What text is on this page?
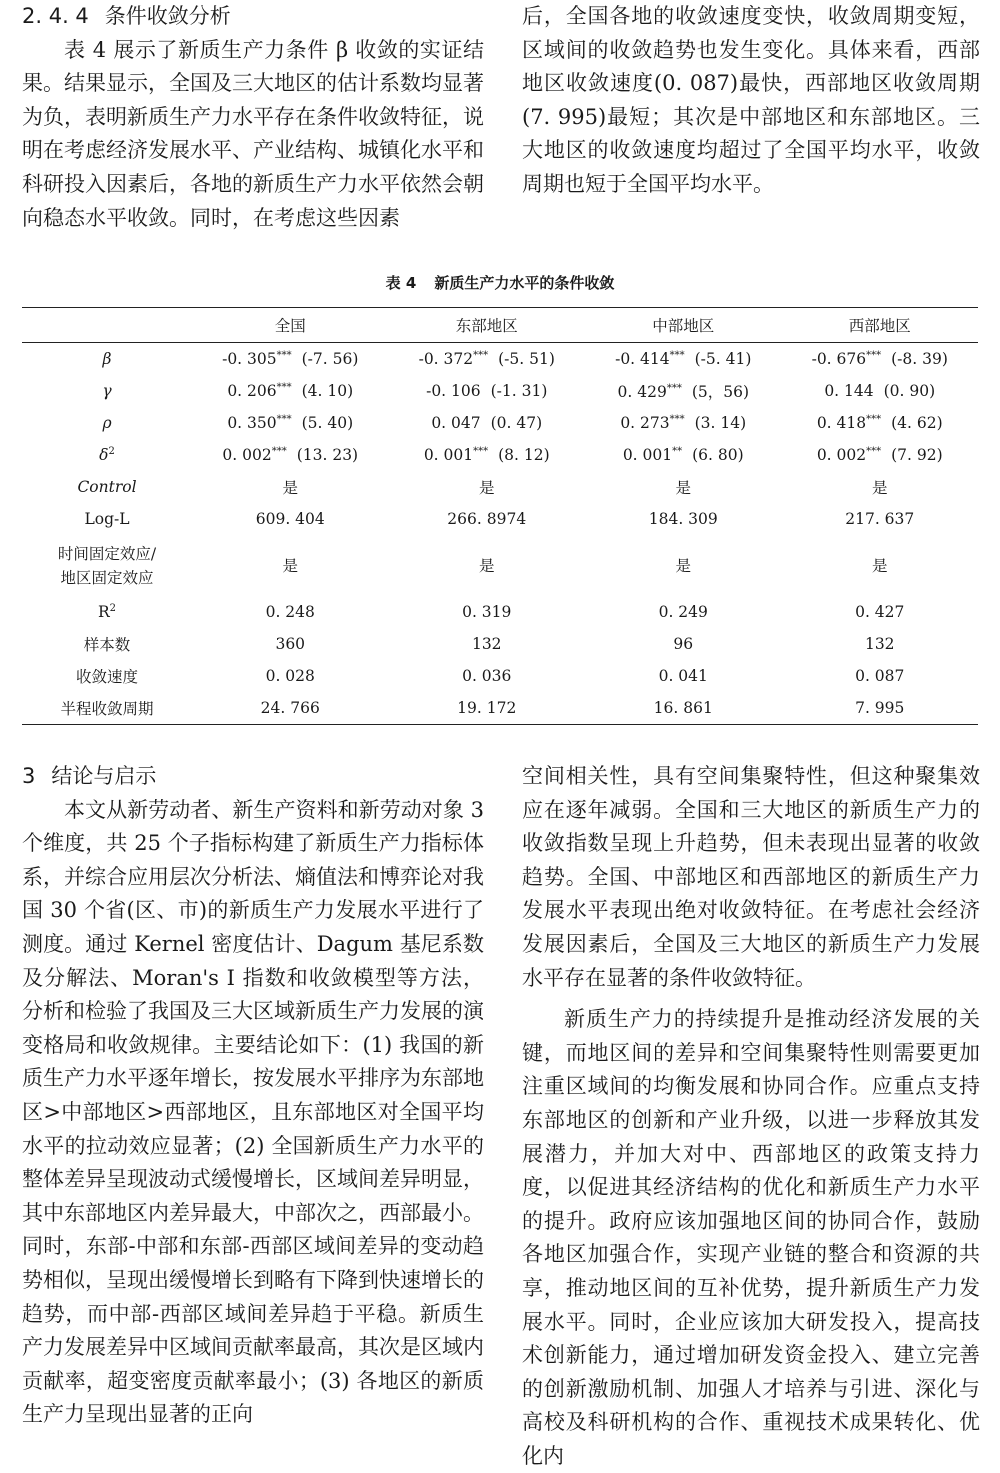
2. 4. 4 条件收敛分析

表 4 展示了新质生产力条件 β 收敛的实证结果。结果显示，全国及三大地区的估计系数均显著为负，表明新质生产力水平存在条件收敛特征，说明在考虑经济发展水平、产业结构、城镇化水平和科研投入因素后，各地的新质生产力水平依然会朝向稳态水平收敛。同时，在考虑这些因素

后，全国各地的收敛速度变快，收敛周期变短，区域间的收敛趋势也发生变化。具体来看，西部地区收敛速度(0. 087)最快，西部地区收敛周期(7. 995)最短；其次是中部地区和东部地区。三大地区的收敛速度均超过了全国平均水平，收敛周期也短于全国平均水平。

表 4 新质生产力水平的条件收敛
	全国	东部地区	中部地区	西部地区
β	-0. 305*** (-7. 56)	-0. 372*** (-5. 51)	-0. 414*** (-5. 41)	-0. 676*** (-8. 39)
γ	0. 206*** (4. 10)	-0. 106 (-1. 31)	0. 429*** (5，56)	0. 144 (0. 90)
ρ	0. 350*** (5. 40)	0. 047 (0. 47)	0. 273*** (3. 14)	0. 418*** (4. 62)
$\delta^2$	0. 002*** (13. 23)	0. 001*** (8. 12)	0. 001** (6. 80)	0. 002*** (7. 92)
Control	是	是	是	是
Log-L	609. 404	266. 8974	184. 309	217. 637
时间固定效应/
地区固定效应	是	是	是	是
$R^2$	0. 248	0. 319	0. 249	0. 427
样本数	360	132	96	132
收敛速度	0. 028	0. 036	0. 041	0. 087
半程收敛周期	24. 766	19. 172	16. 861	7. 995
3 结论与启示

本文从新劳动者、新生产资料和新劳动对象 3 个维度，共 25 个子指标构建了新质生产力指标体系，并综合应用层次分析法、熵值法和博弈论对我国 30 个省(区、市)的新质生产力发展水平进行了测度。通过 Kernel 密度估计、Dagum 基尼系数及分解法、Moran's I 指数和收敛模型等方法，分析和检验了我国及三大区域新质生产力发展的演变格局和收敛规律。主要结论如下：(1) 我国的新质生产力水平逐年增长，按发展水平排序为东部地区>中部地区>西部地区，且东部地区对全国平均水平的拉动效应显著；(2) 全国新质生产力水平的整体差异呈现波动式缓慢增长，区域间差异明显，其中东部地区内差异最大，中部次之，西部最小。同时，东部-中部和东部-西部区域间差异的变动趋势相似，呈现出缓慢增长到略有下降到快速增长的趋势，而中部-西部区域间差异趋于平稳。新质生产力发展差异中区域间贡献率最高，其次是区域内贡献率，超变密度贡献率最小；(3) 各地区的新质生产力呈现出显著的正向

空间相关性，具有空间集聚特性，但这种聚集效应在逐年减弱。全国和三大地区的新质生产力的收敛指数呈现上升趋势，但未表现出显著的收敛趋势。全国、中部地区和西部地区的新质生产力发展水平表现出绝对收敛特征。在考虑社会经济发展因素后，全国及三大地区的新质生产力发展水平存在显著的条件收敛特征。

新质生产力的持续提升是推动经济发展的关键，而地区间的差异和空间集聚特性则需要更加注重区域间的均衡发展和协同合作。应重点支持东部地区的创新和产业升级，以进一步释放其发展潜力，并加大对中、西部地区的政策支持力度，以促进其经济结构的优化和新质生产力水平的提升。政府应该加强地区间的协同合作，鼓励各地区加强合作，实现产业链的整合和资源的共享，推动地区间的互补优势，提升新质生产力发展水平。同时，企业应该加大研发投入，提高技术创新能力，通过增加研发资金投入、建立完善的创新激励机制、加强人才培养与引进、深化与高校及科研机构的合作、重视技术成果转化、优化内
